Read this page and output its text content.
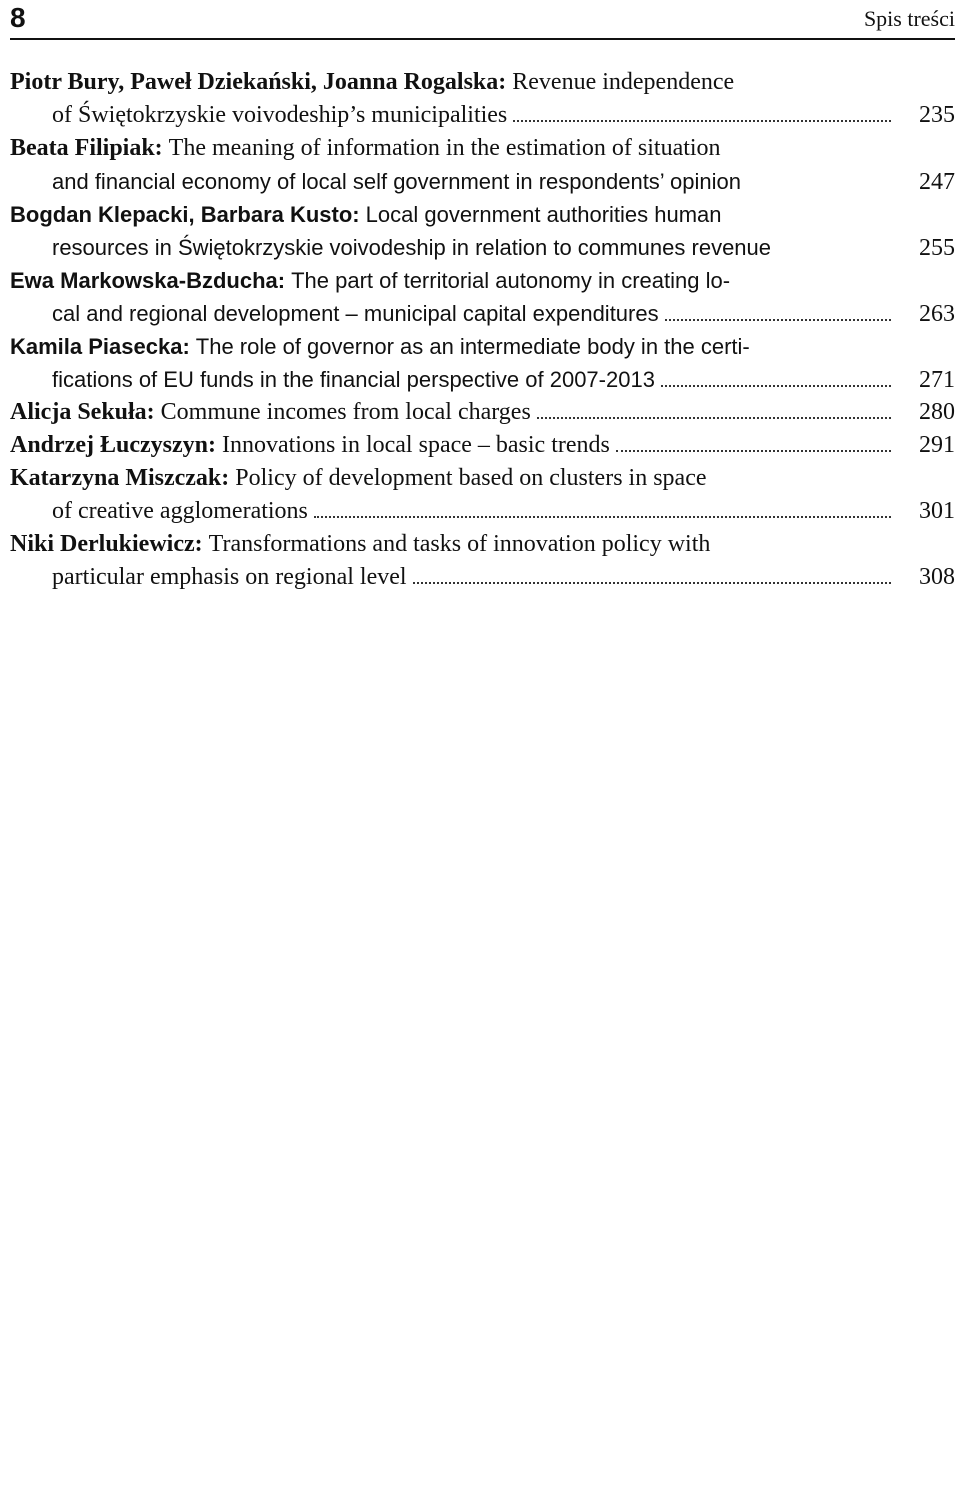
8	Spis treści
Piotr Bury, Paweł Dziekański, Joanna Rogalska: Revenue independence
of Świętokrzyskie voivodeship’s municipalities	235
Beata Filipiak: The meaning of information in the estimation of situation
and financial economy of local self government in respondents’ opinion	247
Bogdan Klepacki, Barbara Kusto: Local government authorities human
resources in Świętokrzyskie voivodeship in relation to communes revenue	255
Ewa Markowska-Bzducha: The part of territorial autonomy in creating lo-
cal and regional development – municipal capital expenditures	263
Kamila Piasecka: The role of governor as an intermediate body in the certi-
fications of EU funds in the financial perspective of 2007-2013	271
Alicja Sekuła: Commune incomes from local charges	280
Andrzej Łuczyszyn: Innovations in local space – basic trends	291
Katarzyna Miszczak: Policy of development based on clusters in space
of creative agglomerations	301
Niki Derlukiewicz: Transformations and tasks of innovation policy with
particular emphasis on regional level	308
